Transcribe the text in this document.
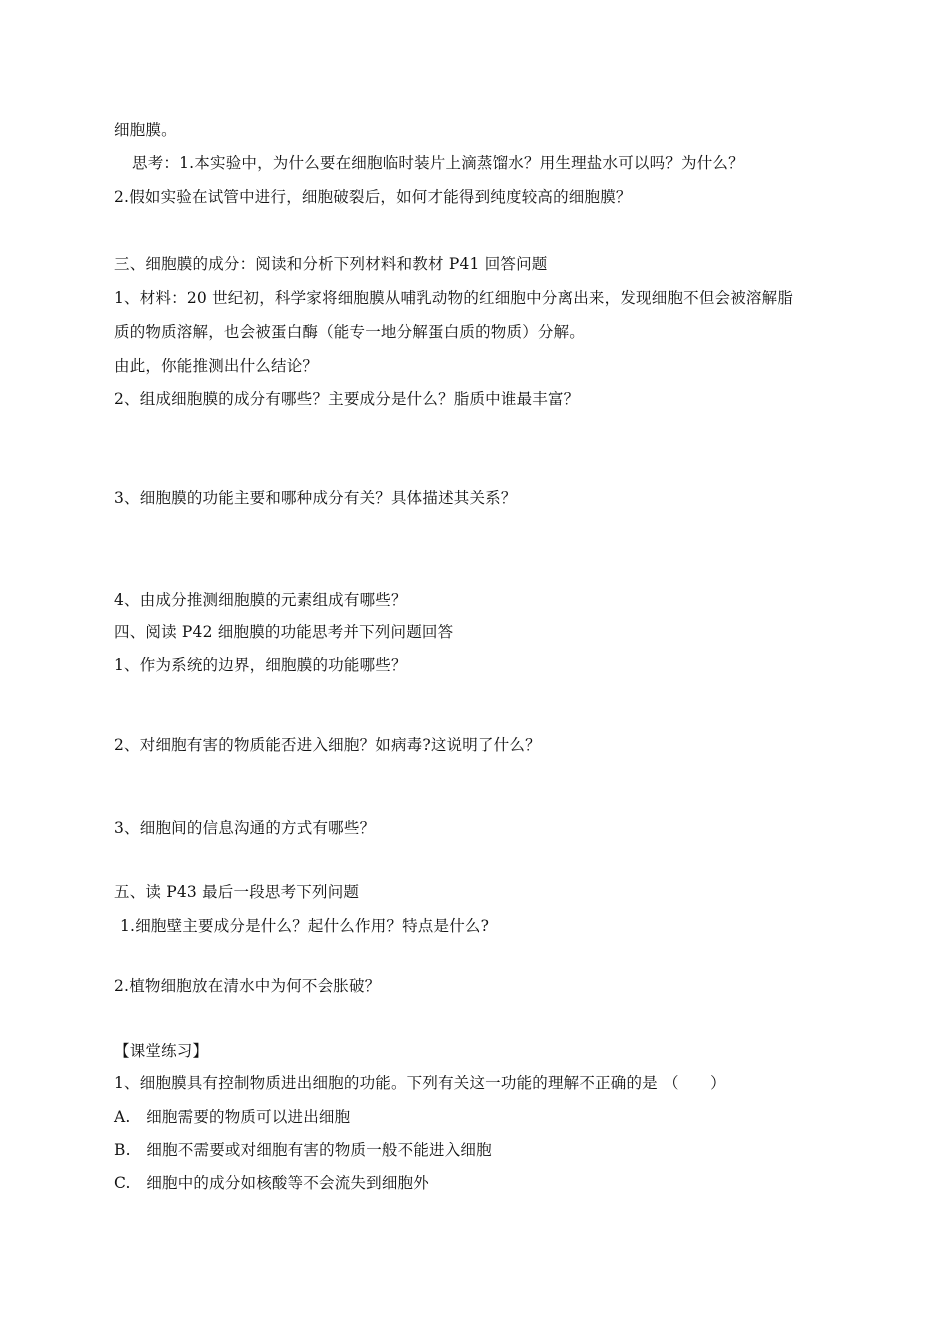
细胞膜。
思考：1.本实验中，为什么要在细胞临时装片上滴蒸馏水？用生理盐水可以吗？为什么？
2.假如实验在试管中进行，细胞破裂后，如何才能得到纯度较高的细胞膜？
三、细胞膜的成分：阅读和分析下列材料和教材 P41 回答问题
1、材料：20 世纪初，科学家将细胞膜从哺乳动物的红细胞中分离出来，发现细胞不但会被溶解脂
质的物质溶解，也会被蛋白酶（能专一地分解蛋白质的物质）分解。
由此，你能推测出什么结论？
2、组成细胞膜的成分有哪些？主要成分是什么？脂质中谁最丰富？
3、细胞膜的功能主要和哪种成分有关？具体描述其关系？
4、由成分推测细胞膜的元素组成有哪些？
四、阅读 P42 细胞膜的功能思考并下列问题回答
1、作为系统的边界，细胞膜的功能哪些？
2、对细胞有害的物质能否进入细胞？如病毒?这说明了什么？
3、细胞间的信息沟通的方式有哪些？
五、读 P43 最后一段思考下列问题
1.细胞壁主要成分是什么？起什么作用？特点是什么?
2.植物细胞放在清水中为何不会胀破？
【课堂练习】
1、细胞膜具有控制物质进出细胞的功能。下列有关这一功能的理解不正确的是 （　　）
A.　细胞需要的物质可以进出细胞
B.　细胞不需要或对细胞有害的物质一般不能进入细胞
C.　细胞中的成分如核酸等不会流失到细胞外
